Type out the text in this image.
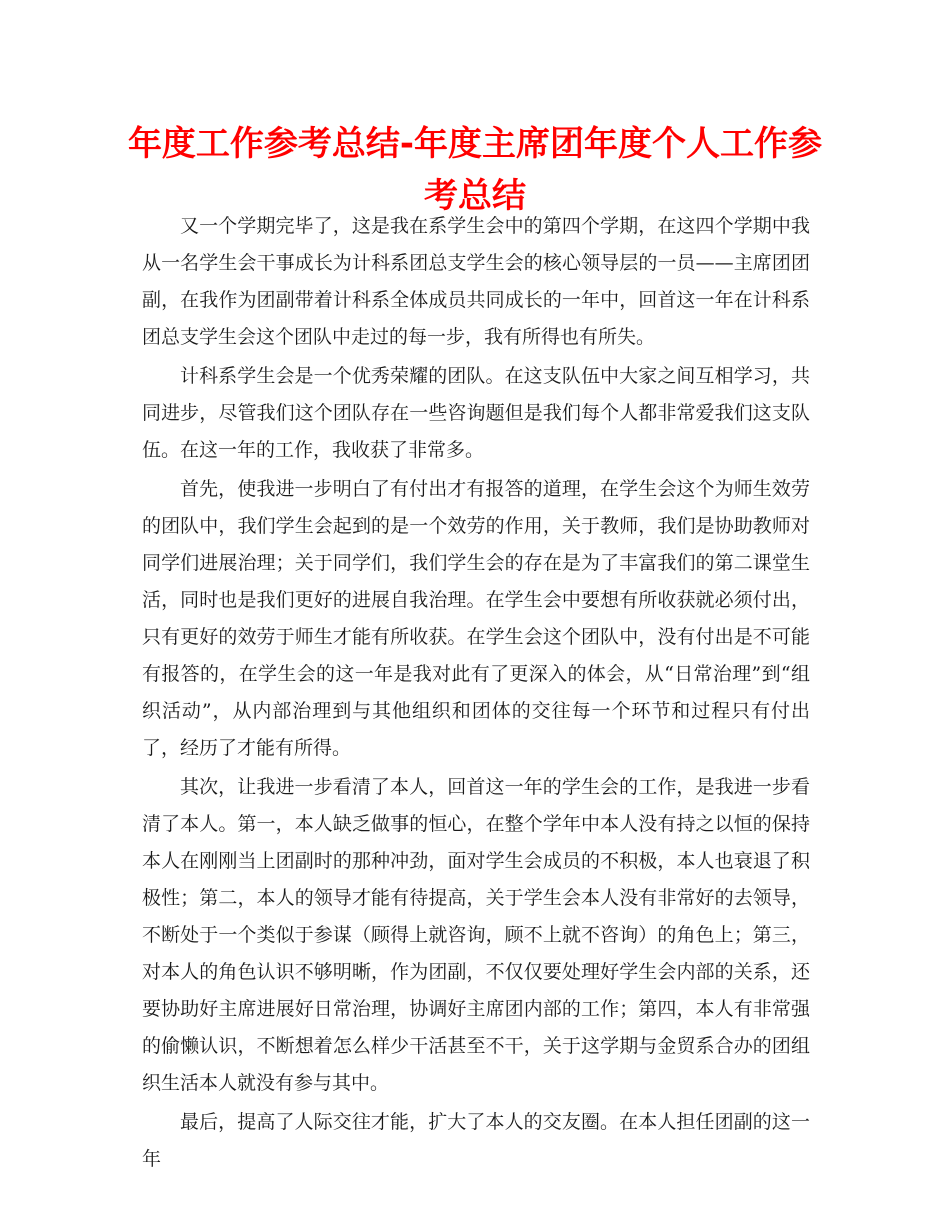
年度工作参考总结-年度主席团年度个人工作参考总结

又一个学期完毕了，这是我在系学生会中的第四个学期，在这四个学期中我从一名学生会干事成长为计科系团总支学生会的核心领导层的一员——主席团团副，在我作为团副带着计科系全体成员共同成长的一年中，回首这一年在计科系团总支学生会这个团队中走过的每一步，我有所得也有所失。

计科系学生会是一个优秀荣耀的团队。在这支队伍中大家之间互相学习，共同进步，尽管我们这个团队存在一些咨询题但是我们每个人都非常爱我们这支队伍。在这一年的工作，我收获了非常多。

首先，使我进一步明白了有付出才有报答的道理，在学生会这个为师生效劳的团队中，我们学生会起到的是一个效劳的作用，关于教师，我们是协助教师对同学们进展治理；关于同学们，我们学生会的存在是为了丰富我们的第二课堂生活，同时也是我们更好的进展自我治理。在学生会中要想有所收获就必须付出，只有更好的效劳于师生才能有所收获。在学生会这个团队中，没有付出是不可能有报答的，在学生会的这一年是我对此有了更深入的体会，从“日常治理”到“组织活动”，从内部治理到与其他组织和团体的交往每一个环节和过程只有付出了，经历了才能有所得。

其次，让我进一步看清了本人，回首这一年的学生会的工作，是我进一步看清了本人。第一，本人缺乏做事的恒心，在整个学年中本人没有持之以恒的保持本人在刚刚当上团副时的那种冲劲，面对学生会成员的不积极，本人也衰退了积极性；第二，本人的领导才能有待提高，关于学生会本人没有非常好的去领导，不断处于一个类似于参谋（顾得上就咨询，顾不上就不咨询）的角色上；第三，对本人的角色认识不够明晰，作为团副，不仅仅要处理好学生会内部的关系，还要协助好主席进展好日常治理，协调好主席团内部的工作；第四，本人有非常强的偷懒认识，不断想着怎么样少干活甚至不干，关于这学期与金贸系合办的团组织生活本人就没有参与其中。

最后，提高了人际交往才能，扩大了本人的交友圈。在本人担任团副的这一年
